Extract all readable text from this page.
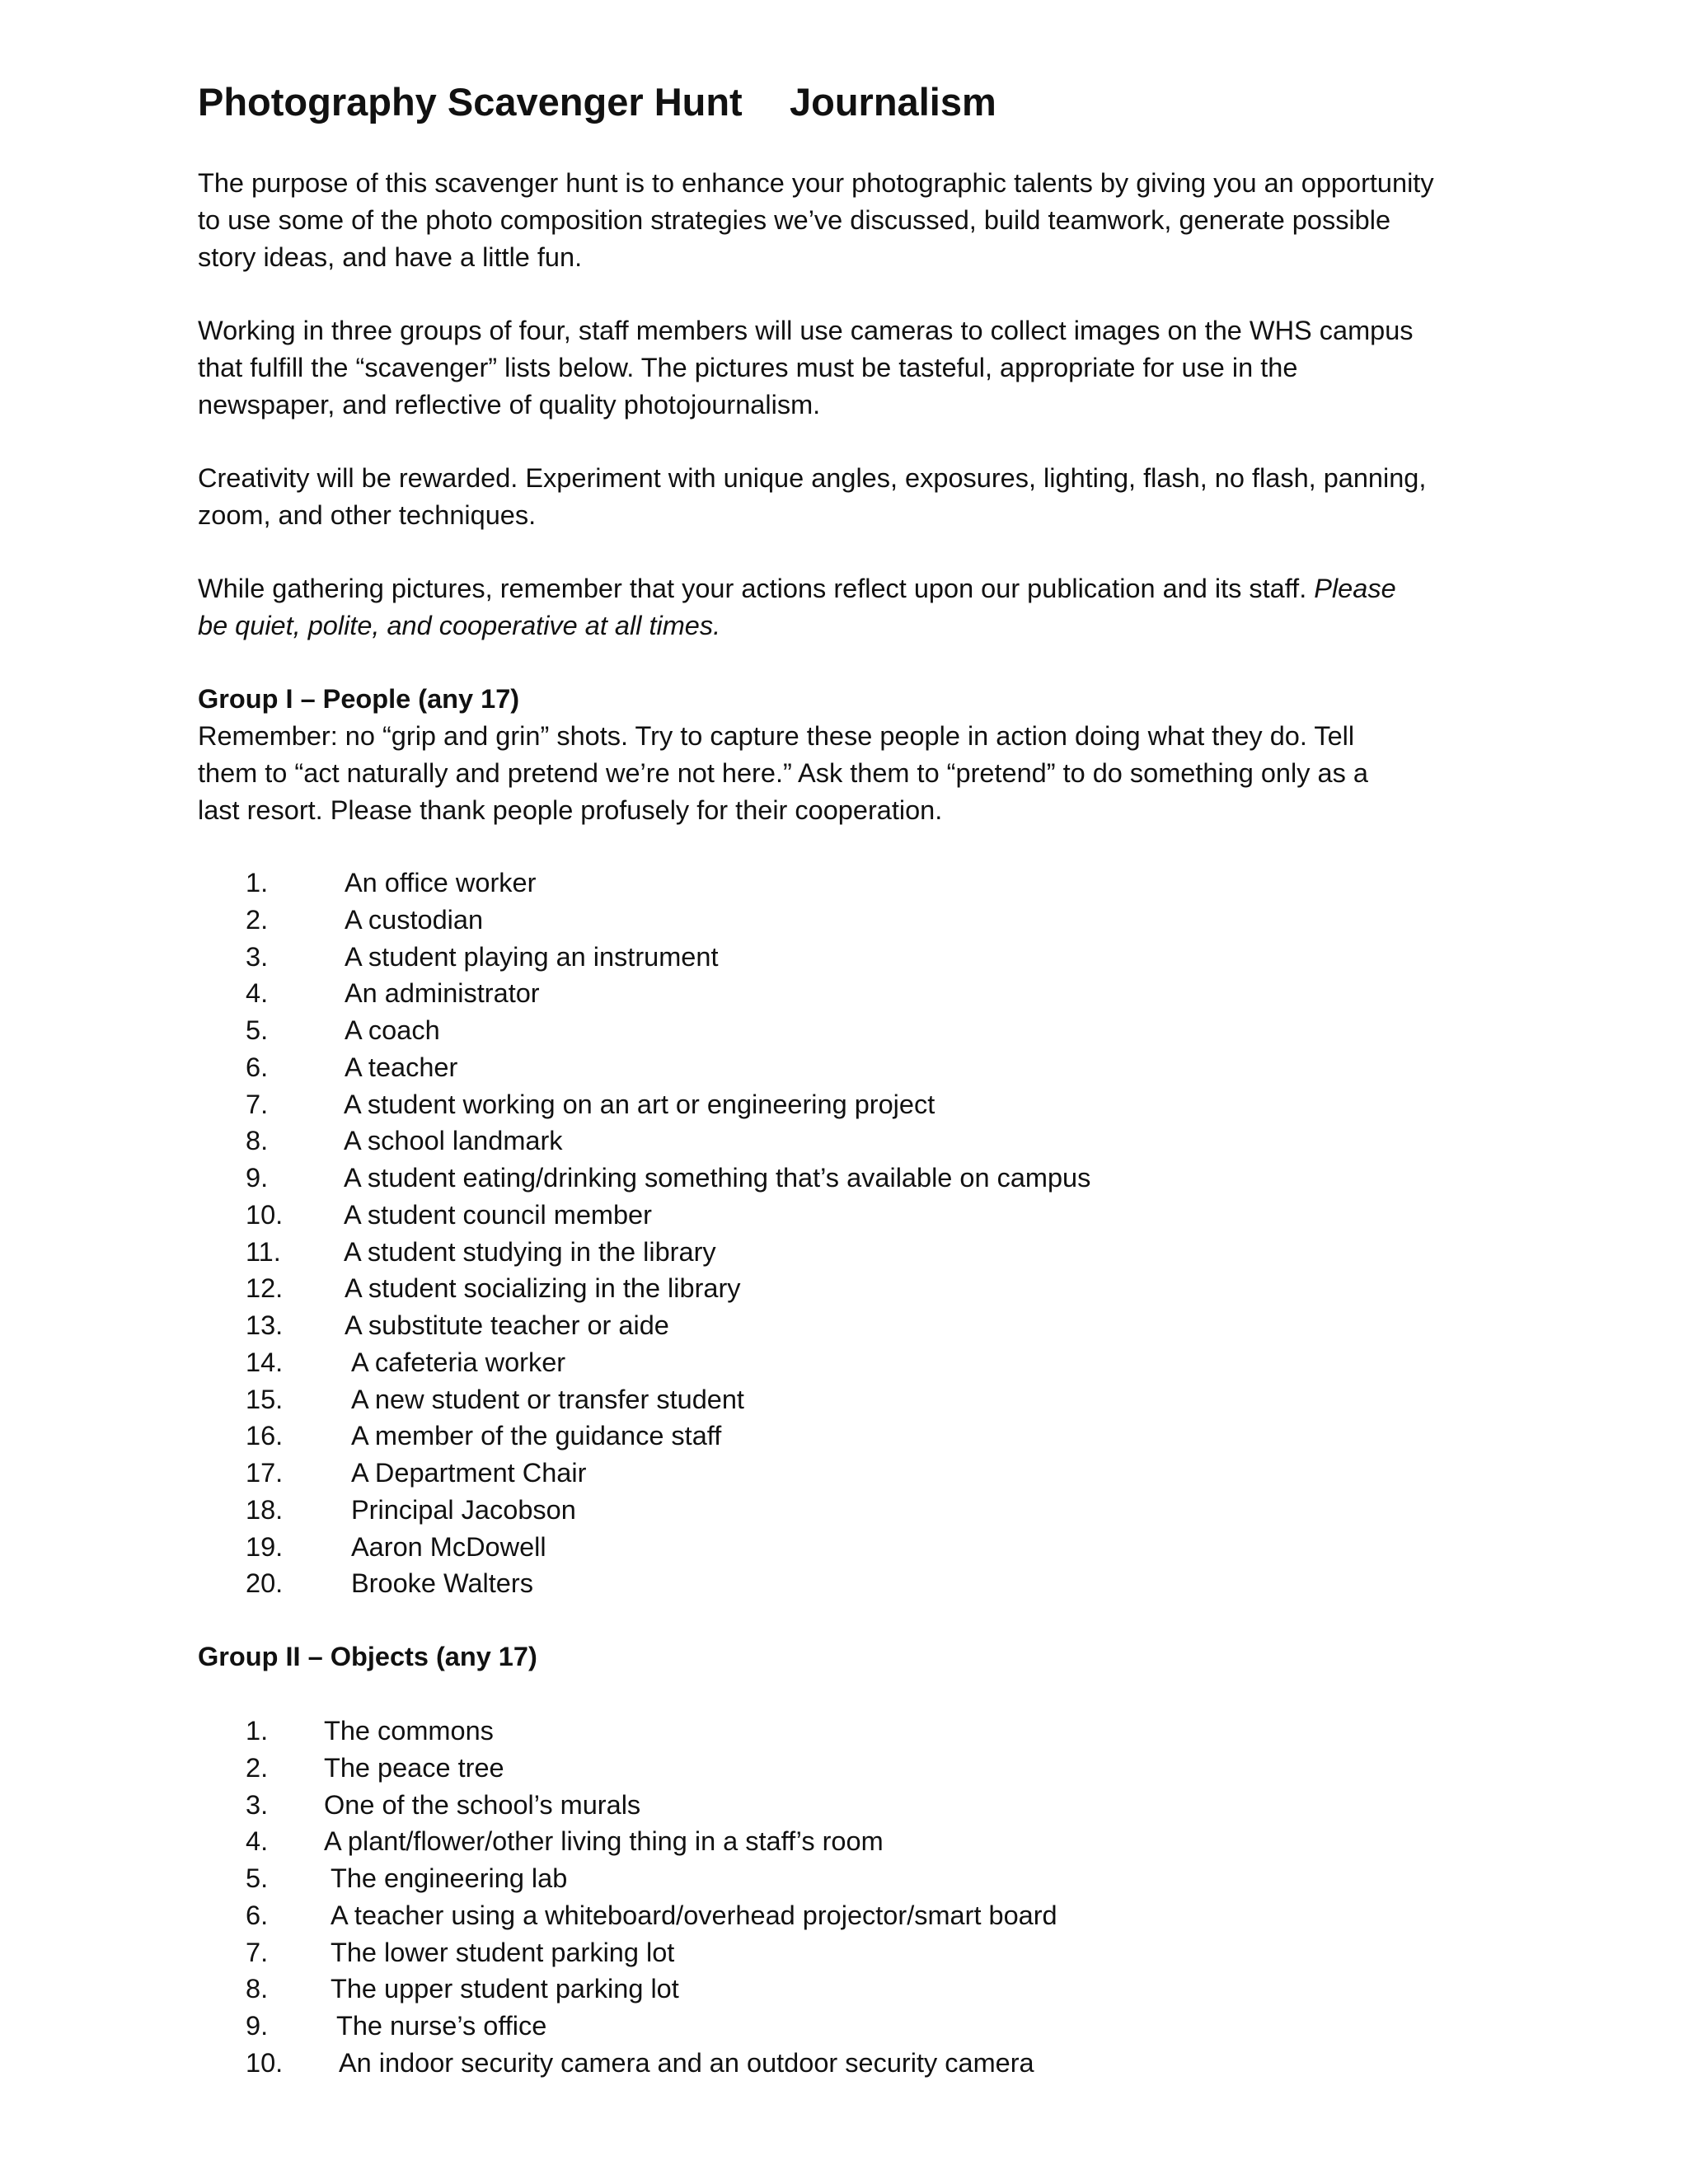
Photography Scavenger Hunt Journalism

The purpose of this scavenger hunt is to enhance your photographic talents by giving you an opportunity

to use some of the photo composition strategies we’ve discussed, build teamwork, generate possible

story ideas, and have a little fun.

Working in three groups of four, staff members will use cameras to collect images on the WHS campus

that fulfill the “scavenger” lists below. The pictures must be tasteful, appropriate for use in the

newspaper, and reflective of quality photojournalism.

Creativity will be rewarded. Experiment with unique angles, exposures, lighting, flash, no flash, panning,

zoom, and other techniques.

While gathering pictures, remember that your actions reflect upon our publication and its staff. Please

be quiet, polite, and cooperative at all times.

Group I – People (any 17)

Remember: no “grip and grin” shots. Try to capture these people in action doing what they do. Tell

them to “act naturally and pretend we’re not here.” Ask them to “pretend” to do something only as a

last resort. Please thank people profusely for their cooperation.

1.	An office worker
2.	A custodian
3.	A student playing an instrument
4.	An administrator
5.	A coach
6.	A teacher
7.	A student working on an art or engineering project
8.	A school landmark
9.	A student eating/drinking something that’s available on campus
10. A student council member
11. A student studying in the library
12. A student socializing in the library
13. A substitute teacher or aide
14.	A cafeteria worker
15.	A new student or transfer student
16.	A member of the guidance staff
17.	A Department Chair
18.	Principal Jacobson
19.	Aaron McDowell
20.	Brooke Walters
Group II – Objects (any 17)
1. The commons
2. The peace tree
3. One of the school’s murals
4. A plant/flower/other living thing in a staff’s room
5. The engineering lab
6. A teacher using a whiteboard/overhead projector/smart board
7. The lower student parking lot
8. The upper student parking lot
9.	The nurse’s office
10. An indoor security camera and an outdoor security camera
